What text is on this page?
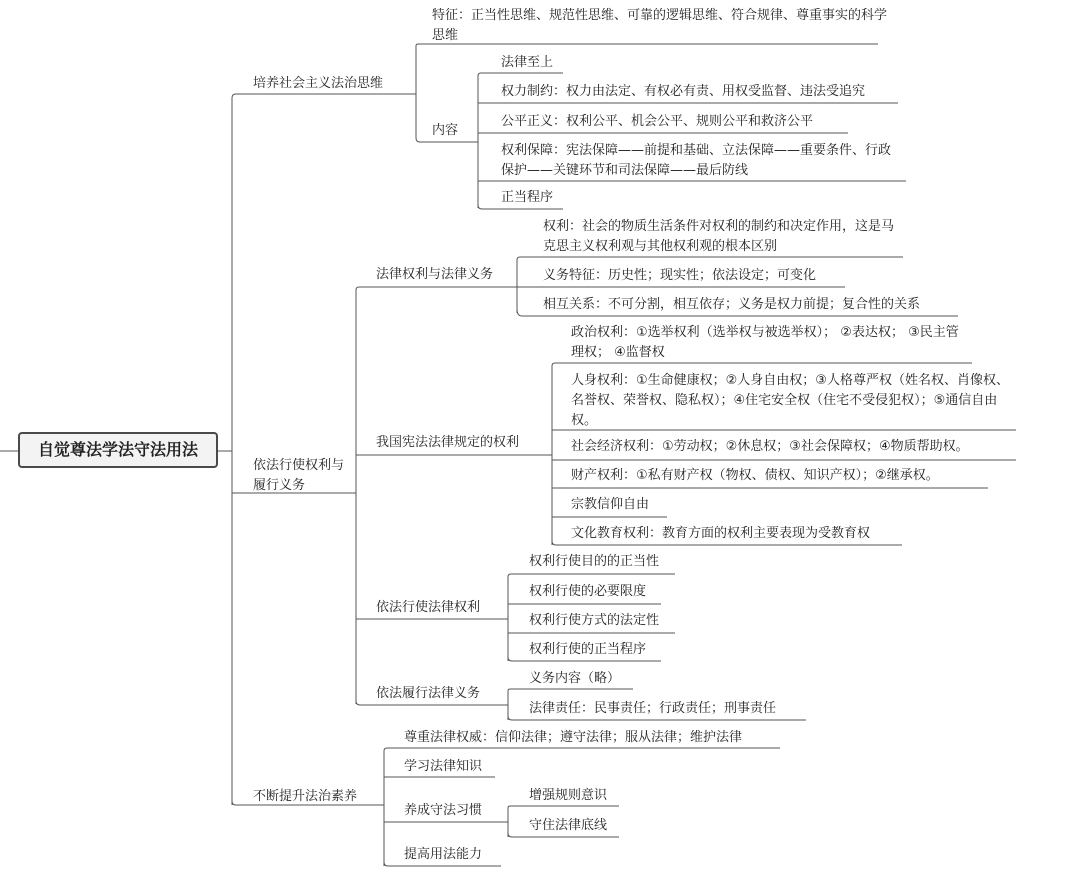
自觉尊法学法守法用法
培养社会主义法治思维
依法行使权利与履行义务
不断提升法治素养
特征：正当性思维、规范性思维、可靠的逻辑思维、符合规律、尊重事实的科学思维
内容
法律至上
权力制约：权力由法定、有权必有责、用权受监督、违法受追究
公平正义：权利公平、机会公平、规则公平和救济公平
权利保障：宪法保障——前提和基础、立法保障——重要条件、行政保护——关键环节和司法保障——最后防线
正当程序
法律权利与法律义务
我国宪法法律规定的权利
依法行使法律权利
依法履行法律义务
权利：社会的物质生活条件对权利的制约和决定作用，这是马克思主义权利观与其他权利观的根本区别
义务特征：历史性；现实性；依法设定；可变化
相互关系：不可分割，相互依存；义务是权力前提；复合性的关系
政治权利：①选举权利（选举权与被选举权）； ②表达权； ③民主管理权； ④监督权
人身权利：①生命健康权；②人身自由权；③人格尊严权（姓名权、肖像权、名誉权、荣誉权、隐私权）；④住宅安全权（住宅不受侵犯权）；⑤通信自由权。
社会经济权利：①劳动权；②休息权；③社会保障权；④物质帮助权。
财产权利：①私有财产权（物权、债权、知识产权）；②继承权。
宗教信仰自由
文化教育权利：教育方面的权利主要表现为受教育权
权利行使目的的正当性
权利行使的必要限度
权利行使方式的法定性
权利行使的正当程序
义务内容（略）
法律责任：民事责任；行政责任；刑事责任
尊重法律权威：信仰法律；遵守法律；服从法律；维护法律
学习法律知识
养成守法习惯
提高用法能力
增强规则意识
守住法律底线
